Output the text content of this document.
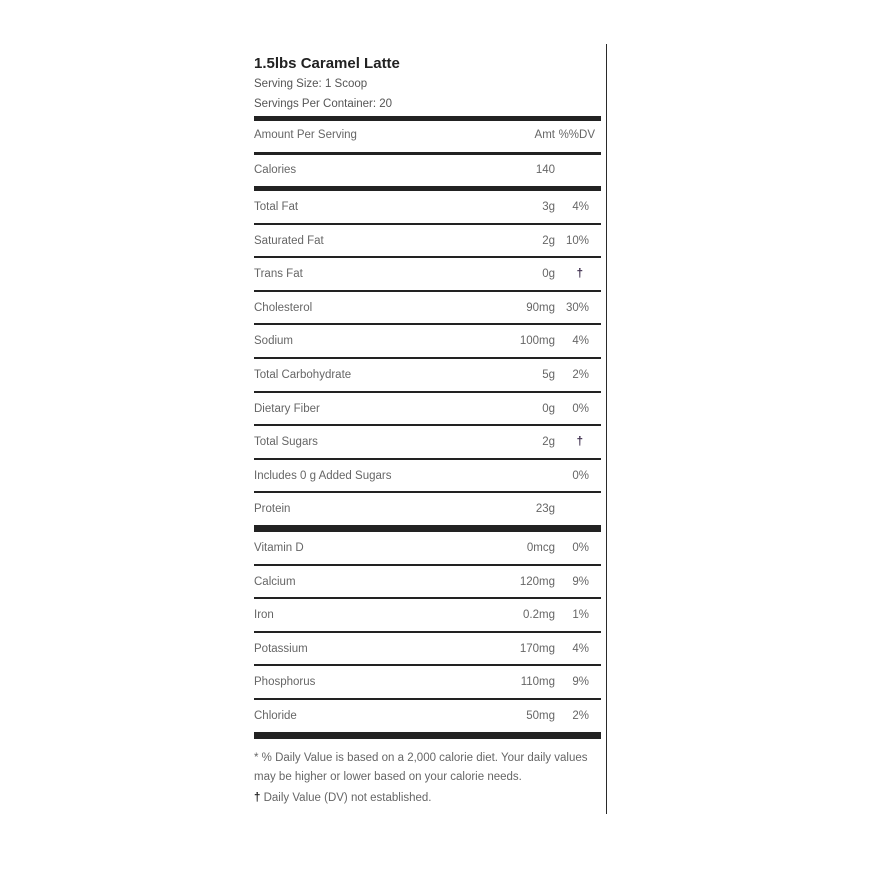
1.5lbs Caramel Latte
Serving Size: 1 Scoop
Servings Per Container: 20
Amount Per Serving	Amt %%DV
Calories	140
Total Fat	3g 4%
Saturated Fat	2g 10%
Trans Fat	0g †
Cholesterol	90mg 30%
Sodium	100mg 4%
Total Carbohydrate	5g 2%
Dietary Fiber	0g 0%
Total Sugars	2g †
Includes 0 g Added Sugars	0%
Protein	23g
Vitamin D	0mcg 0%
Calcium	120mg 9%
Iron	0.2mg 1%
Potassium	170mg 4%
Phosphorus	110mg 9%
Chloride	50mg 2%
* % Daily Value is based on a 2,000 calorie diet. Your daily values may be higher or lower based on your calorie needs.
† Daily Value (DV) not established.
